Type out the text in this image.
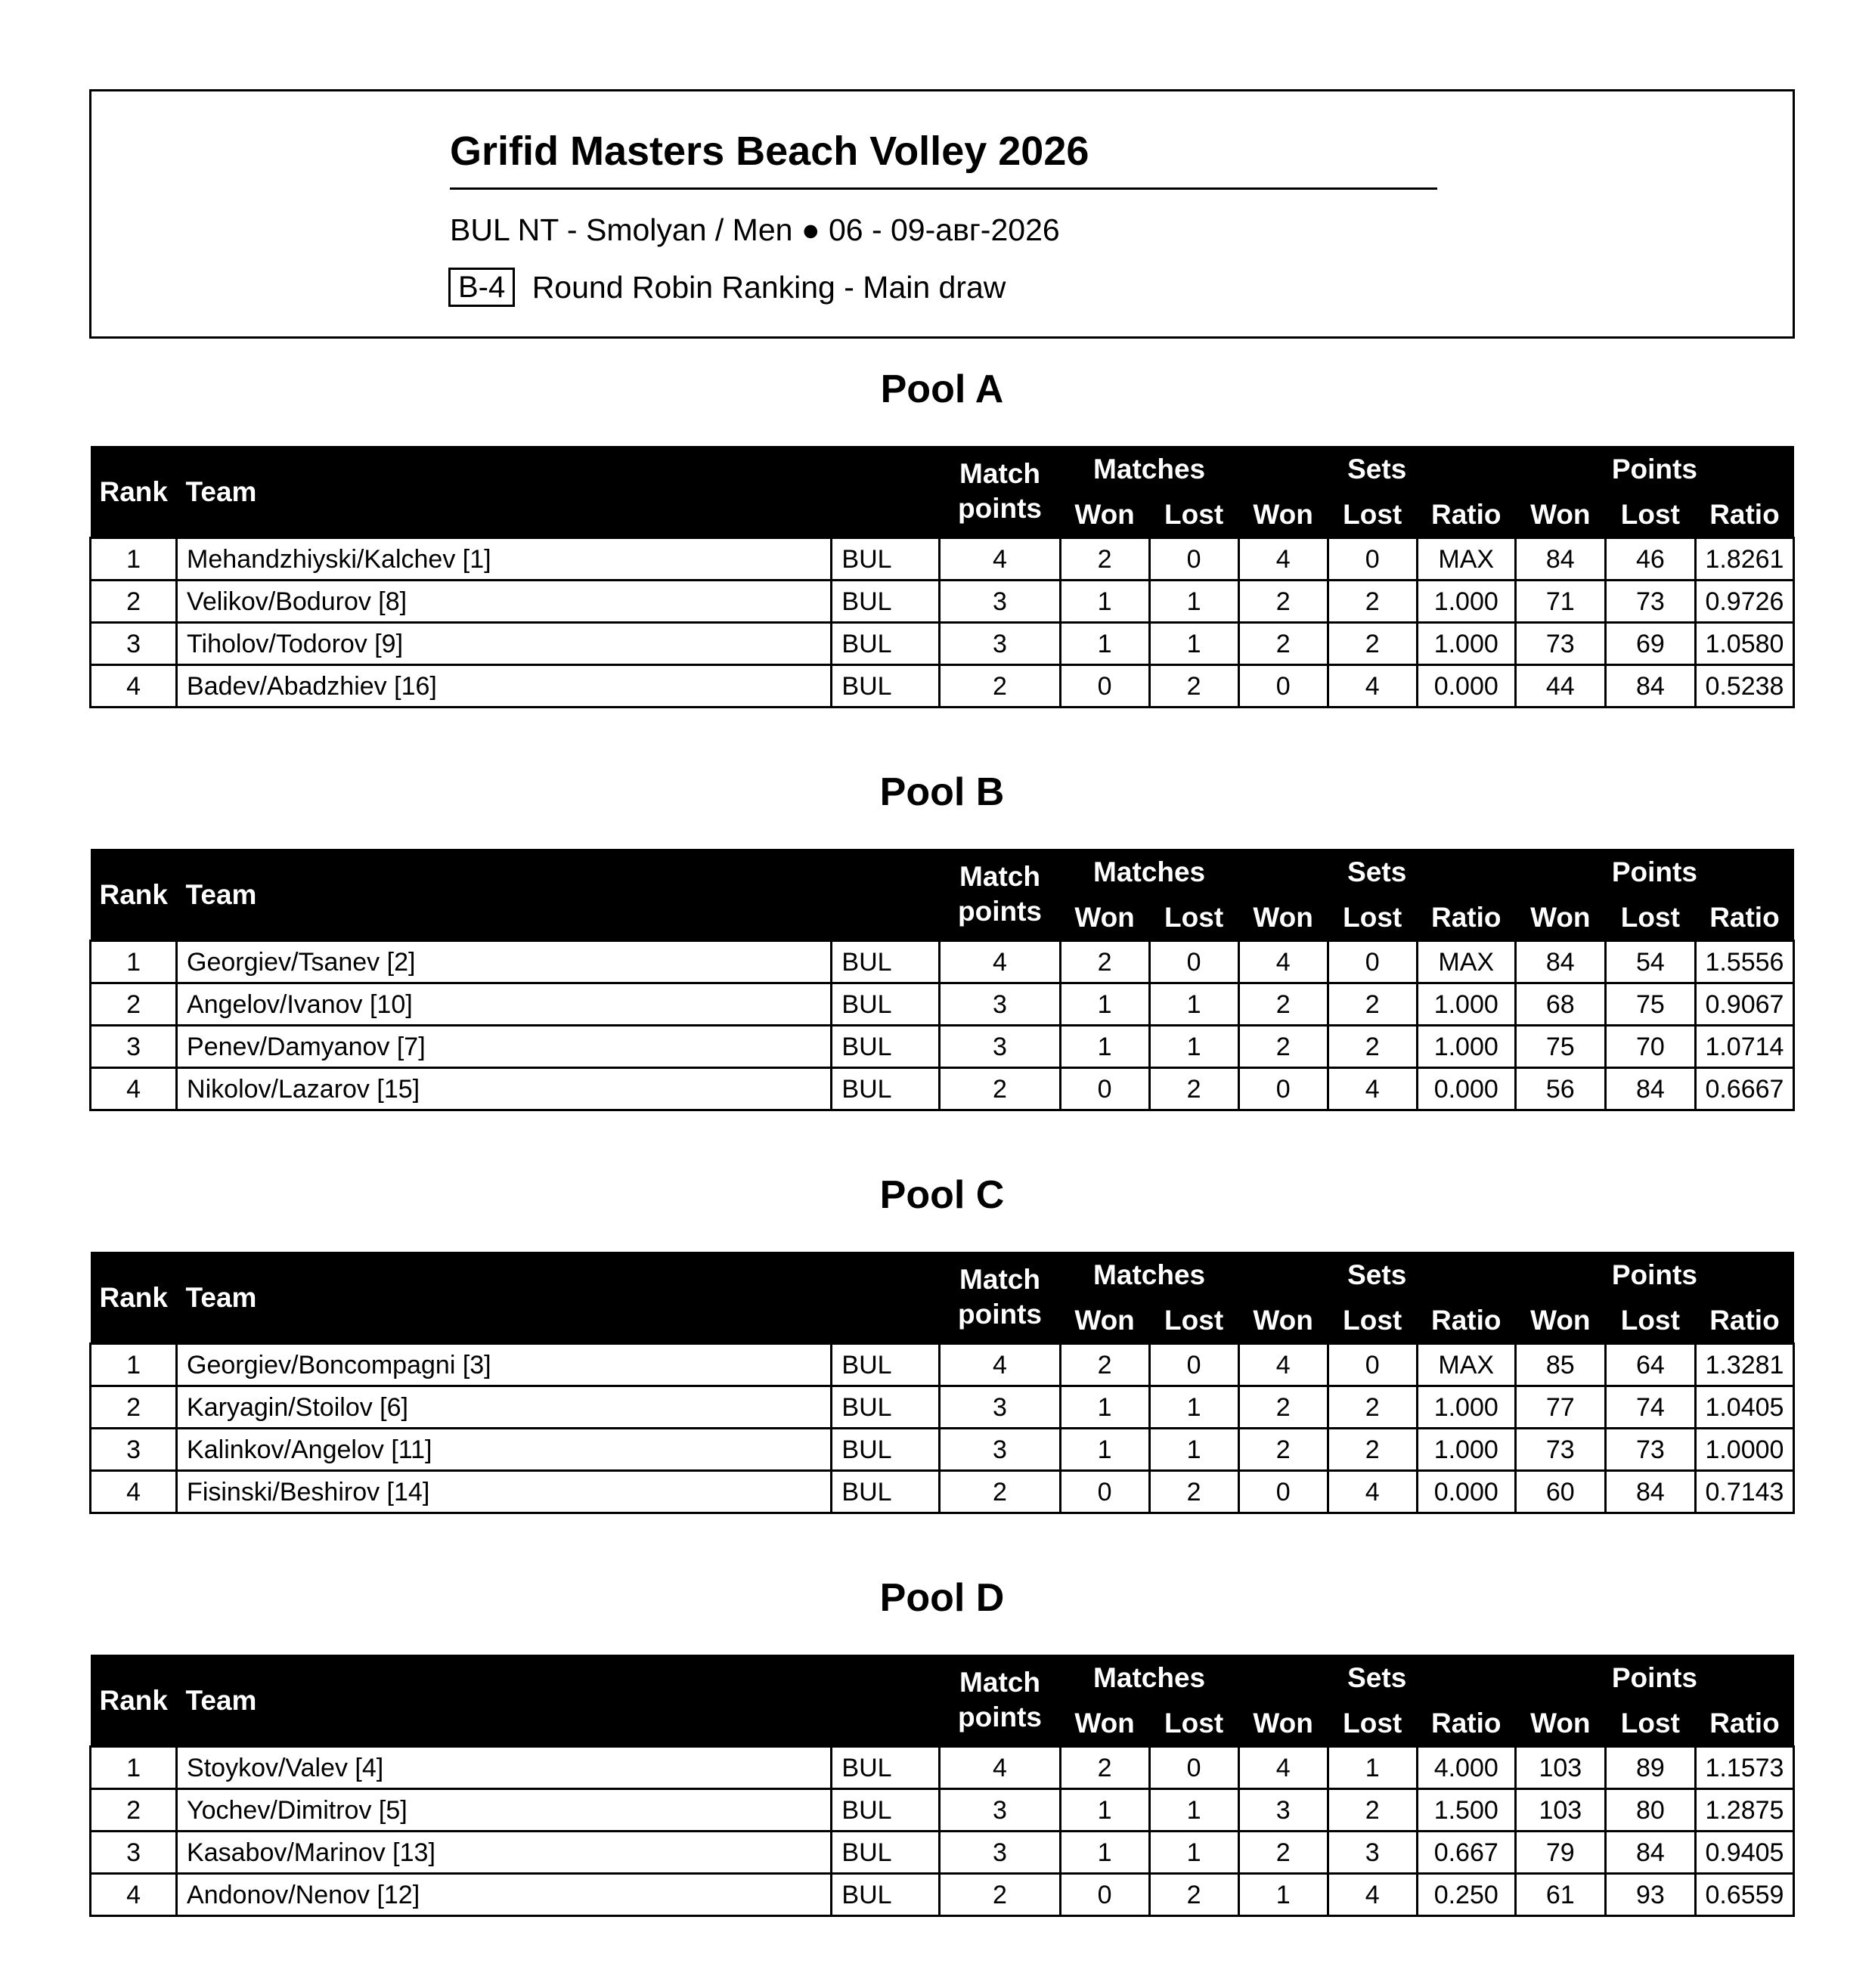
Grifid Masters Beach Volley 2026
BUL NT - Smolyan / Men ● 06 - 09-авг-2026
B-4 Round Robin Ranking - Main draw
Pool A
Rank	Team		Match
points	Matches		Sets			Points		
				Won	Lost	Won	Lost	Ratio	Won	Lost	Ratio
1	Mehandzhiyski/Kalchev [1]	BUL	4	2	0	4	0	MAX	84	46	1.8261
2	Velikov/Bodurov [8]	BUL	3	1	1	2	2	1.000	71	73	0.9726
3	Tiholov/Todorov [9]	BUL	3	1	1	2	2	1.000	73	69	1.0580
4	Badev/Abadzhiev [16]	BUL	2	0	2	0	4	0.000	44	84	0.5238
Pool B
Rank	Team		Match
points	Matches		Sets			Points		
				Won	Lost	Won	Lost	Ratio	Won	Lost	Ratio
1	Georgiev/Tsanev [2]	BUL	4	2	0	4	0	MAX	84	54	1.5556
2	Angelov/Ivanov [10]	BUL	3	1	1	2	2	1.000	68	75	0.9067
3	Penev/Damyanov [7]	BUL	3	1	1	2	2	1.000	75	70	1.0714
4	Nikolov/Lazarov [15]	BUL	2	0	2	0	4	0.000	56	84	0.6667
Pool C
Rank	Team		Match
points	Matches		Sets			Points		
				Won	Lost	Won	Lost	Ratio	Won	Lost	Ratio
1	Georgiev/Boncompagni [3]	BUL	4	2	0	4	0	MAX	85	64	1.3281
2	Karyagin/Stoilov [6]	BUL	3	1	1	2	2	1.000	77	74	1.0405
3	Kalinkov/Angelov [11]	BUL	3	1	1	2	2	1.000	73	73	1.0000
4	Fisinski/Beshirov [14]	BUL	2	0	2	0	4	0.000	60	84	0.7143
Pool D
Rank	Team		Match
points	Matches		Sets			Points		
				Won	Lost	Won	Lost	Ratio	Won	Lost	Ratio
1	Stoykov/Valev [4]	BUL	4	2	0	4	1	4.000	103	89	1.1573
2	Yochev/Dimitrov [5]	BUL	3	1	1	3	2	1.500	103	80	1.2875
3	Kasabov/Marinov [13]	BUL	3	1	1	2	3	0.667	79	84	0.9405
4	Andonov/Nenov [12]	BUL	2	0	2	1	4	0.250	61	93	0.6559
